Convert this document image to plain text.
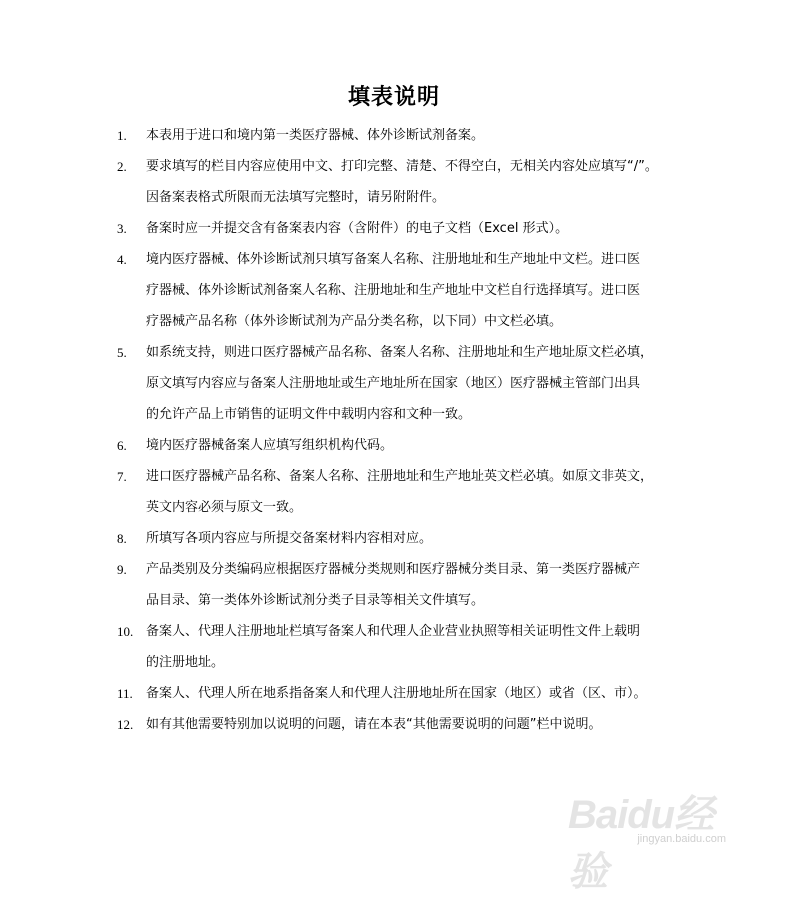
填表说明
1. 本表用于进口和境内第一类医疗器械、体外诊断试剂备案。
2. 要求填写的栏目内容应使用中文、打印完整、清楚、不得空白，无相关内容处应填写“/”。
因备案表格式所限而无法填写完整时，请另附附件。
3. 备案时应一并提交含有备案表内容（含附件）的电子文档（Excel 形式）。
4. 境内医疗器械、体外诊断试剂只填写备案人名称、注册地址和生产地址中文栏。进口医
疗器械、体外诊断试剂备案人名称、注册地址和生产地址中文栏自行选择填写。进口医
疗器械产品名称（体外诊断试剂为产品分类名称，以下同）中文栏必填。
5. 如系统支持，则进口医疗器械产品名称、备案人名称、注册地址和生产地址原文栏必填，
原文填写内容应与备案人注册地址或生产地址所在国家（地区）医疗器械主管部门出具
的允许产品上市销售的证明文件中载明内容和文种一致。
6. 境内医疗器械备案人应填写组织机构代码。
7. 进口医疗器械产品名称、备案人名称、注册地址和生产地址英文栏必填。如原文非英文，
英文内容必须与原文一致。
8. 所填写各项内容应与所提交备案材料内容相对应。
9. 产品类别及分类编码应根据医疗器械分类规则和医疗器械分类目录、第一类医疗器械产
品目录、第一类体外诊断试剂分类子目录等相关文件填写。
10. 备案人、代理人注册地址栏填写备案人和代理人企业营业执照等相关证明性文件上载明
的注册地址。
11. 备案人、代理人所在地系指备案人和代理人注册地址所在国家（地区）或省（区、市）。
12. 如有其他需要特别加以说明的问题，请在本表“其他需要说明的问题”栏中说明。
Baidu经验
jingyan.baidu.com
